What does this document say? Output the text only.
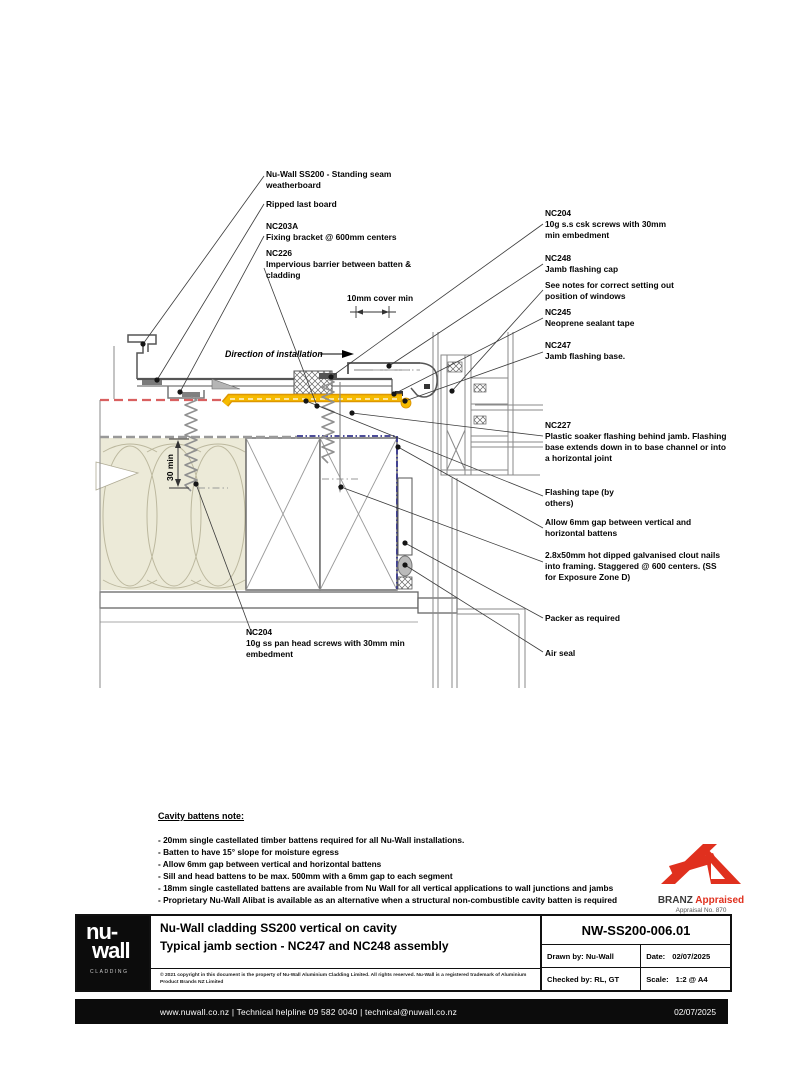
30 min
10mm cover min
Direction of installation
Nu-Wall SS200 - Standing seam weatherboard
Ripped last board
NC203A
Fixing bracket @ 600mm centers
NC226
Impervious barrier between batten & cladding
NC204
10g s.s csk screws with 30mm min embedment
NC248
Jamb flashing cap
See notes for correct setting out position of windows
NC245
Neoprene sealant tape
NC247
Jamb flashing base.
NC227
Plastic soaker flashing behind jamb. Flashing base extends down in to base channel or into a horizontal joint
Flashing tape (by others)
Allow 6mm gap between vertical and horizontal battens
2.8x50mm hot dipped galvanised clout nails into framing. Staggered @ 600 centers. (SS for Exposure Zone D)
Packer as required
Air seal
NC204
10g ss pan head screws with 30mm min embedment
Cavity battens note:
- 20mm single castellated timber battens required for all Nu-Wall installations.
- Batten to have 15° slope for moisture egress
- Allow 6mm gap between vertical and horizontal battens
- Sill and head battens to be max. 500mm with a 6mm gap to each segment
- 18mm single castellated battens are available from Nu Wall for all vertical applications to wall junctions and jambs
- Proprietary Nu-Wall Alibat is available as an alternative when a structural non-combustible cavity batten is required	BRANZ Appraised
Appraisal No. 870
nu-
wall
CLADDING
Nu-Wall cladding SS200 vertical on cavity
Typical jamb section - NC247 and NC248 assembly
© 2021 copyright in this document is the property of Nu-Wall Aluminium Cladding Limited. All rights reserved. Nu-Wall is a registered trademark of Aluminium Product Brands NZ Limited
NW-SS200-006.01
Drawn by: Nu-Wall	Date: 02/07/2025
Checked by: RL, GT	Scale: 1:2 @ A4
www.nuwall.co.nz | Technical helpline 09 582 0040 | technical@nuwall.co.nz	02/07/2025
